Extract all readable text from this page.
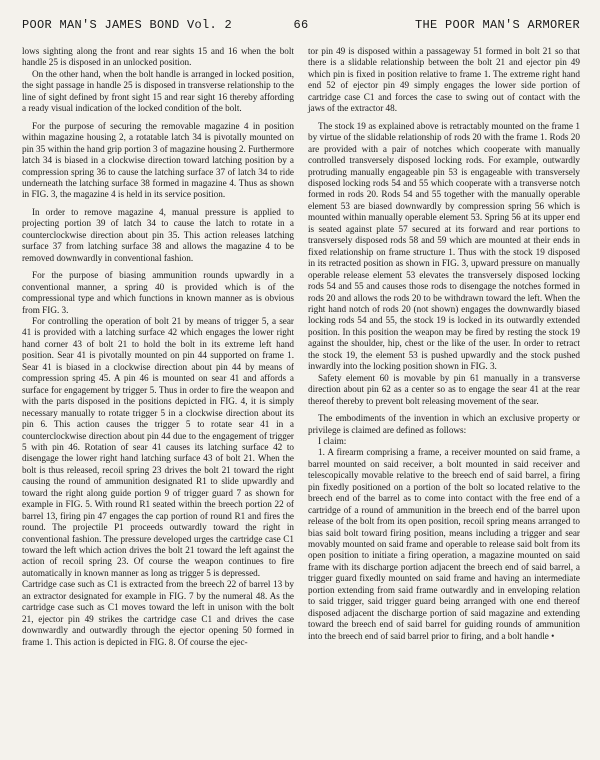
POOR MAN'S JAMES BOND Vol. 2	66	THE POOR MAN'S ARMORER

lows sighting along the front and rear sights 15 and 16 when the bolt handle 25 is disposed in an unlocked position.

On the other hand, when the bolt handle is arranged in locked position, the sight passage in handle 25 is disposed in transverse relationship to the line of sight defined by front sight 15 and rear sight 16 thereby affording a ready visual indication of the locked condition of the bolt.

For the purpose of securing the removable magazine 4 in position within magazine housing 2, a rotatable latch 34 is pivotally mounted on pin 35 within the hand grip portion 3 of magazine housing 2. Furthermore latch 34 is biased in a clockwise direction toward latching position by a compression spring 36 to cause the latching surface 37 of latch 34 to ride underneath the latching surface 38 formed in magazine 4. Thus as shown in FIG. 3, the magazine 4 is held in its service position.

In order to remove magazine 4, manual pressure is applied to projecting portion 39 of latch 34 to cause the latch to rotate in a counterclockwise direction about pin 35. This action releases latching surface 37 from latching surface 38 and allows the magazine 4 to be removed downwardly in conventional fashion.

For the purpose of biasing ammunition rounds upwardly in a conventional manner, a spring 40 is provided which is of the compressional type and which functions in known manner as is obvious from FIG. 3.

For controlling the operation of bolt 21 by means of trigger 5, a sear 41 is provided with a latching surface 42 which engages the lower right hand corner 43 of bolt 21 to hold the bolt in its extreme left hand position. Sear 41 is pivotally mounted on pin 44 supported on frame 1. Sear 41 is biased in a clockwise direction about pin 44 by means of compression spring 45. A pin 46 is mounted on sear 41 and affords a surface for engagement by trigger 5. Thus in order to fire the weapon and with the parts disposed in the positions depicted in FIG. 4, it is simply necessary manually to rotate trigger 5 in a clockwise direction about its pin 6. This action causes the trigger 5 to rotate sear 41 in a counterclockwise direction about pin 44 due to the engagement of trigger 5 with pin 46. Rotation of sear 41 causes its latching surface 42 to disengage the lower right hand latching surface 43 of bolt 21. When the bolt is thus released, recoil spring 23 drives the bolt 21 toward the right causing the round of ammunition designated R1 to slide upwardly and toward the right along guide portion 9 of trigger guard 7 as shown for example in FIG. 5. With round R1 seated within the breech portion 22 of barrel 13, firing pin 47 engages the cap portion of round R1 and fires the round. The projectile P1 proceeds outwardly toward the right in conventional fashion. The pressure developed urges the cartridge case C1 toward the left which action drives the bolt 21 toward the left against the action of recoil spring 23. Of course the weapon continues to fire automatically in known manner as long as trigger 5 is depressed.

Cartridge case such as C1 is extracted from the breech 22 of barrel 13 by an extractor designated for example in FIG. 7 by the numeral 48. As the cartridge case such as C1 moves toward the left in unison with the bolt 21, ejector pin 49 strikes the cartridge case C1 and drives the case downwardly and outwardly through the ejector opening 50 formed in frame 1. This action is depicted in FIG. 8. Of course the ejec-

tor pin 49 is disposed within a passageway 51 formed in bolt 21 so that there is a slidable relationship between the bolt 21 and ejector pin 49 which pin is fixed in position relative to frame 1. The extreme right hand end 52 of ejector pin 49 simply engages the lower side portion of cartridge case C1 and forces the case to swing out of contact with the jaws of the extractor 48.

The stock 19 as explained above is retractably mounted on the frame 1 by virtue of the slidable relationship of rods 20 with the frame 1. Rods 20 are provided with a pair of notches which cooperate with manually controlled transversely disposed locking rods. For example, outwardly protruding manually engageable pin 53 is engageable with transversely disposed locking rods 54 and 55 which cooperate with a transverse notch formed in rods 20. Rods 54 and 55 together with the manually operable element 53 are biased downwardly by compression spring 56 which is mounted within manually operable element 53. Spring 56 at its upper end is seated against plate 57 secured at its forward and rear portions to transversely disposed rods 58 and 59 which are mounted at their ends in fixed relationship on frame structure 1. Thus with the stock 19 disposed in its retracted position as shown in FIG. 3, upward pressure on manually operable release element 53 elevates the transversely disposed locking rods 54 and 55 and causes those rods to disengage the notches formed in rods 20 and allows the rods 20 to be withdrawn toward the left. When the right hand notch of rods 20 (not shown) engages the downwardly biased locking rods 54 and 55, the stock 19 is locked in its outwardly extended position. In this position the weapon may be fired by resting the stock 19 against the shoulder, hip, chest or the like of the user. In order to retract the stock 19, the element 53 is pushed upwardly and the stock pushed inwardly into the locking position shown in FIG. 3.

Safety element 60 is movable by pin 61 manually in a transverse direction about pin 62 as a center so as to engage the sear 41 at the rear thereof thereby to prevent bolt releasing movement of the sear.

The embodiments of the invention in which an exclusive property or privilege is claimed are defined as follows:

I claim:

1. A firearm comprising a frame, a receiver mounted on said frame, a barrel mounted on said receiver, a bolt mounted in said receiver and telescopically movable relative to the breech end of said barrel, a firing pin fixedly positioned on a portion of the bolt so located relative to the breech end of the barrel as to come into contact with the free end of a cartridge of a round of ammunition in the breech end of the barrel upon release of the bolt from its open position, recoil spring means arranged to bias said bolt toward firing position, means including a trigger and sear movably mounted on said frame and operable to release said bolt from its open position to initiate a firing operation, a magazine mounted on said frame with its discharge portion adjacent the breech end of said barrel, a trigger guard fixedly mounted on said frame and having an intermediate portion extending from said frame outwardly and in enveloping relation to said trigger, said trigger guard being arranged with one end thereof disposed adjacent the discharge portion of said magazine and extending toward the breech end of said barrel for guiding rounds of ammunition into the breech end of said barrel prior to firing, and a bolt handle •
